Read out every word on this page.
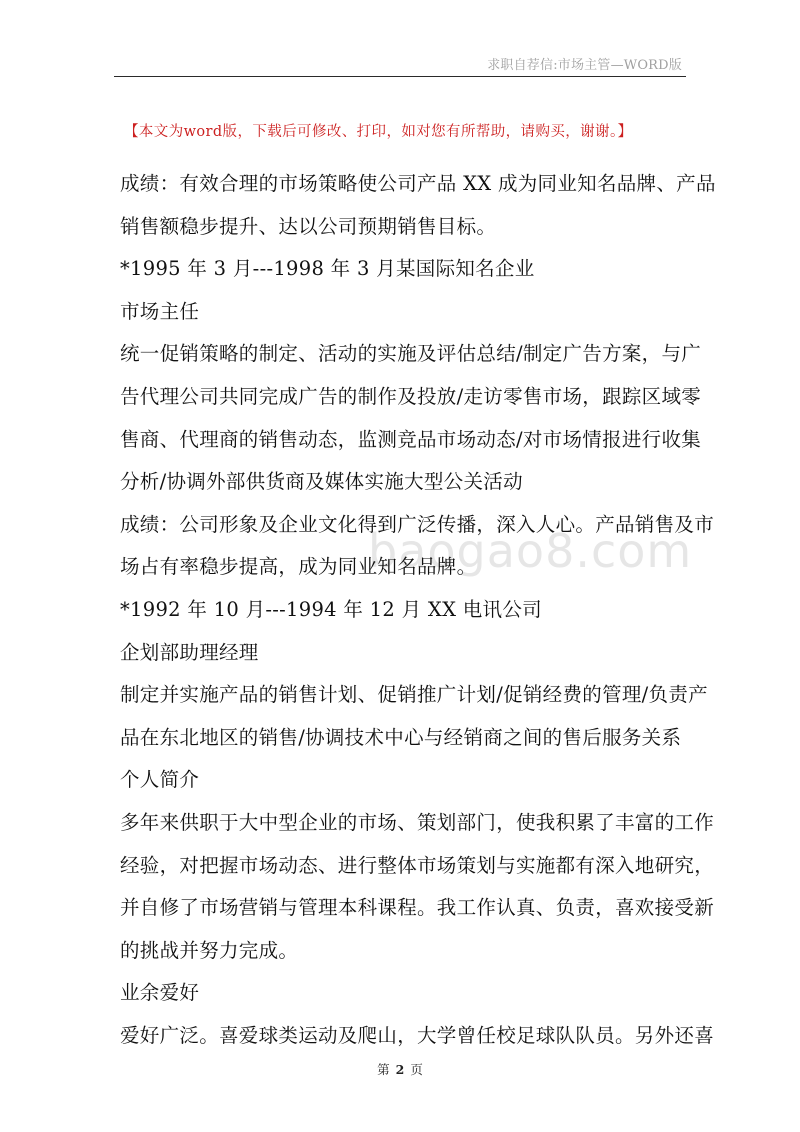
求职自荐信:市场主管—WORD版
【本文为word版，下载后可修改、打印，如对您有所帮助，请购买，谢谢。】
baogao8.com
成绩：有效合理的市场策略使公司产品 XX 成为同业知名品牌、产品
销售额稳步提升、达以公司预期销售目标。
*1995 年 3 月---1998 年 3 月某国际知名企业
市场主任
统一促销策略的制定、活动的实施及评估总结/制定广告方案，与广
告代理公司共同完成广告的制作及投放/走访零售市场，跟踪区域零
售商、代理商的销售动态，监测竞品市场动态/对市场情报进行收集
分析/协调外部供货商及媒体实施大型公关活动
成绩：公司形象及企业文化得到广泛传播，深入人心。产品销售及市
场占有率稳步提高，成为同业知名品牌。
*1992 年 10 月---1994 年 12 月 XX 电讯公司
企划部助理经理
制定并实施产品的销售计划、促销推广计划/促销经费的管理/负责产
品在东北地区的销售/协调技术中心与经销商之间的售后服务关系
个人简介
多年来供职于大中型企业的市场、策划部门，使我积累了丰富的工作
经验，对把握市场动态、进行整体市场策划与实施都有深入地研究，
并自修了市场营销与管理本科课程。我工作认真、负责，喜欢接受新
的挑战并努力完成。
业余爱好
爱好广泛。喜爱球类运动及爬山，大学曾任校足球队队员。另外还喜
第 2 页
